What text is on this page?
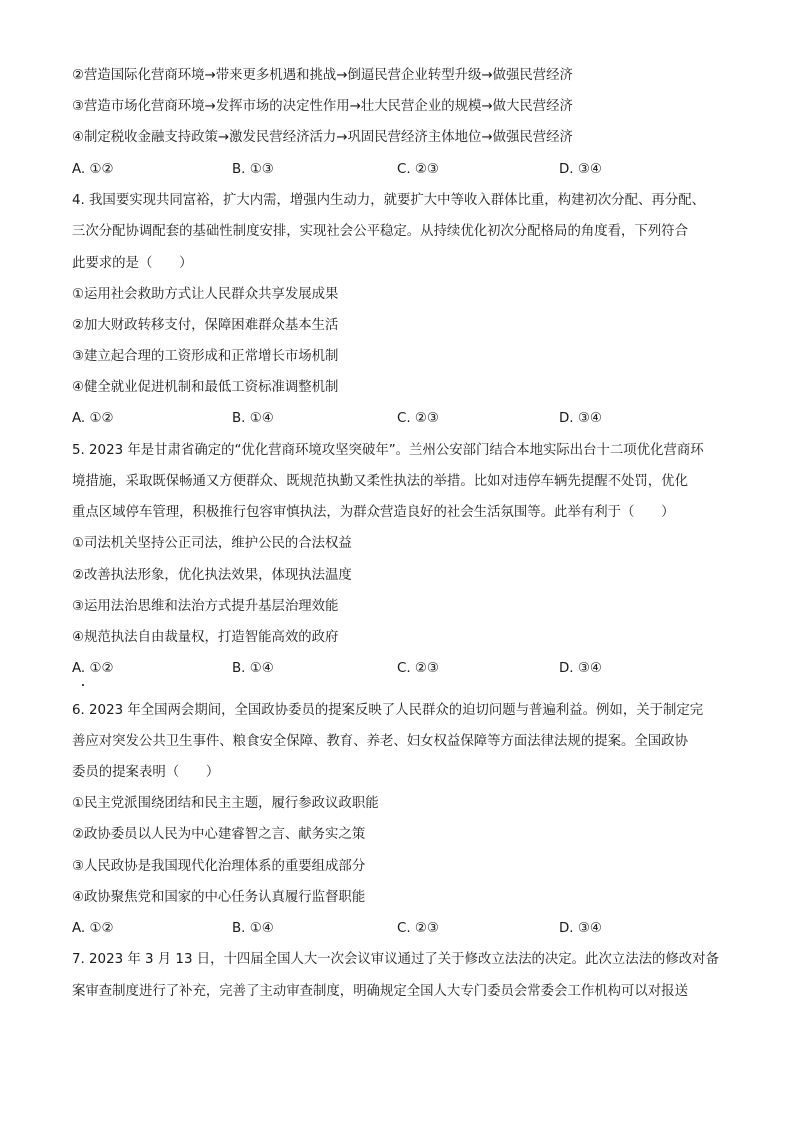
②营造国际化营商环境→带来更多机遇和挑战→倒逼民营企业转型升级→做强民营经济
③营造市场化营商环境→发挥市场的决定性作用→壮大民营企业的规模→做大民营经济
④制定税收金融支持政策→激发民营经济活力→巩固民营经济主体地位→做强民营经济
A. ①②	B. ①③	C. ②③	D. ③④
4. 我国要实现共同富裕，扩大内需，增强内生动力，就要扩大中等收入群体比重，构建初次分配、再分配、
三次分配协调配套的基础性制度安排，实现社会公平稳定。从持续优化初次分配格局的角度看，下列符合
此要求的是（　　）
①运用社会救助方式让人民群众共享发展成果
②加大财政转移支付，保障困难群众基本生活
③建立起合理的工资形成和正常增长市场机制
④健全就业促进机制和最低工资标准调整机制
A. ①②	B. ①④	C. ②③	D. ③④
5. 2023 年是甘肃省确定的“优化营商环境攻坚突破年”。兰州公安部门结合本地实际出台十二项优化营商环
境措施，采取既保畅通又方便群众、既规范执勤又柔性执法的举措。比如对违停车辆先提醒不处罚，优化
重点区域停车管理，积极推行包容审慎执法，为群众营造良好的社会生活氛围等。此举有利于（　　）
①司法机关坚持公正司法，维护公民的合法权益
②改善执法形象，优化执法效果，体现执法温度
③运用法治思维和法治方式提升基层治理效能
④规范执法自由裁量权，打造智能高效的政府
A. ①②	B. ①④	C. ②③	D. ③④
6. 2023 年全国两会期间，全国政协委员的提案反映了人民群众的迫切问题与普遍利益。例如，关于制定完
善应对突发公共卫生事件、粮食安全保障、教育、养老、妇女权益保障等方面法律法规的提案。全国政协
委员的提案表明（　　）
①民主党派围绕团结和民主主题，履行参政议政职能
②政协委员以人民为中心建睿智之言、献务实之策
③人民政协是我国现代化治理体系的重要组成部分
④政协聚焦党和国家的中心任务认真履行监督职能
A. ①②	B. ①④	C. ②③	D. ③④
7. 2023 年 3 月 13 日，十四届全国人大一次会议审议通过了关于修改立法法的决定。此次立法法的修改对备
案审查制度进行了补充，完善了主动审查制度，明确规定全国人大专门委员会常委会工作机构可以对报送
